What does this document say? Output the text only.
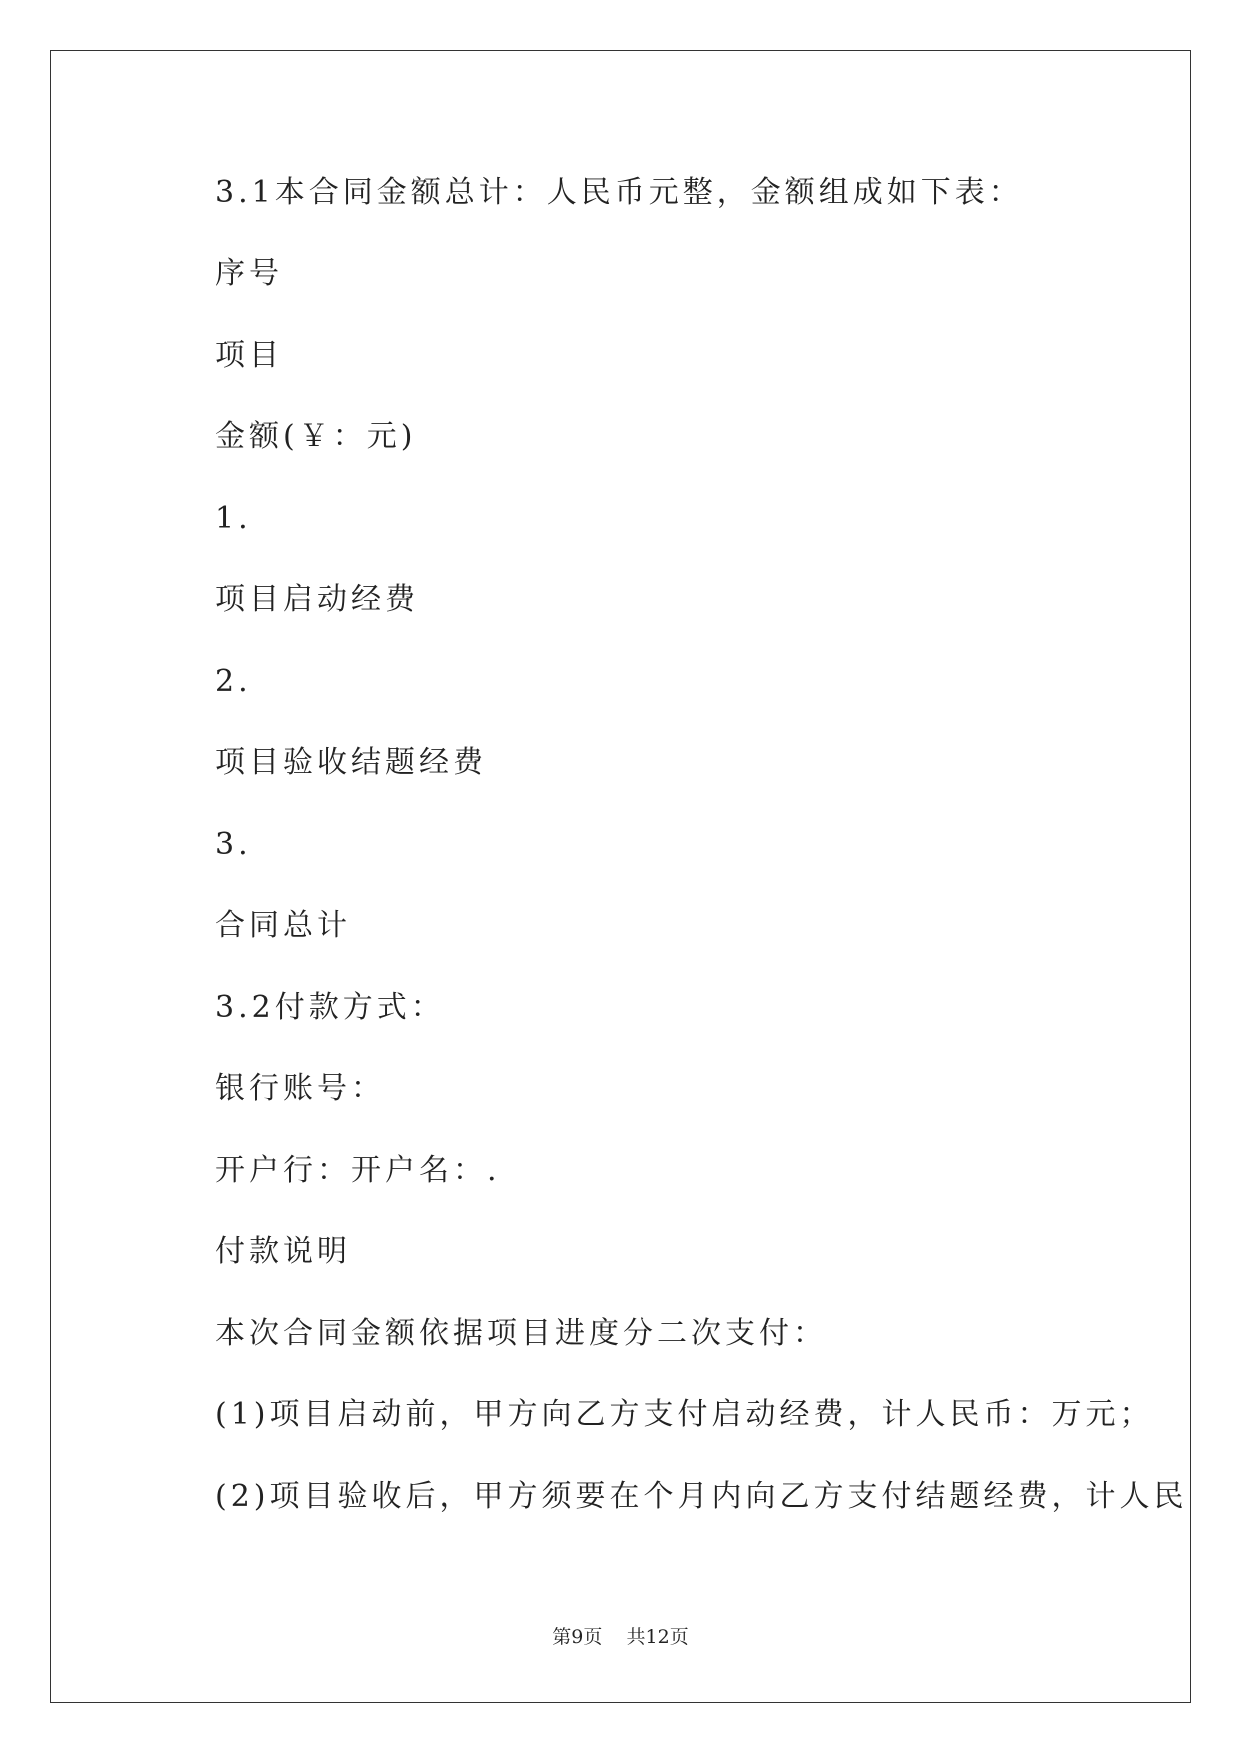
3.1本合同金额总计：人民币元整，金额组成如下表：
序号
项目
金额(￥：元)
1.
项目启动经费
2.
项目验收结题经费
3.
合同总计
3.2付款方式：
银行账号：
开户行：开户名：.
付款说明
本次合同金额依据项目进度分二次支付：
(1)项目启动前，甲方向乙方支付启动经费，计人民币：万元；
(2)项目验收后，甲方须要在个月内向乙方支付结题经费，计人民
第9页    共12页
